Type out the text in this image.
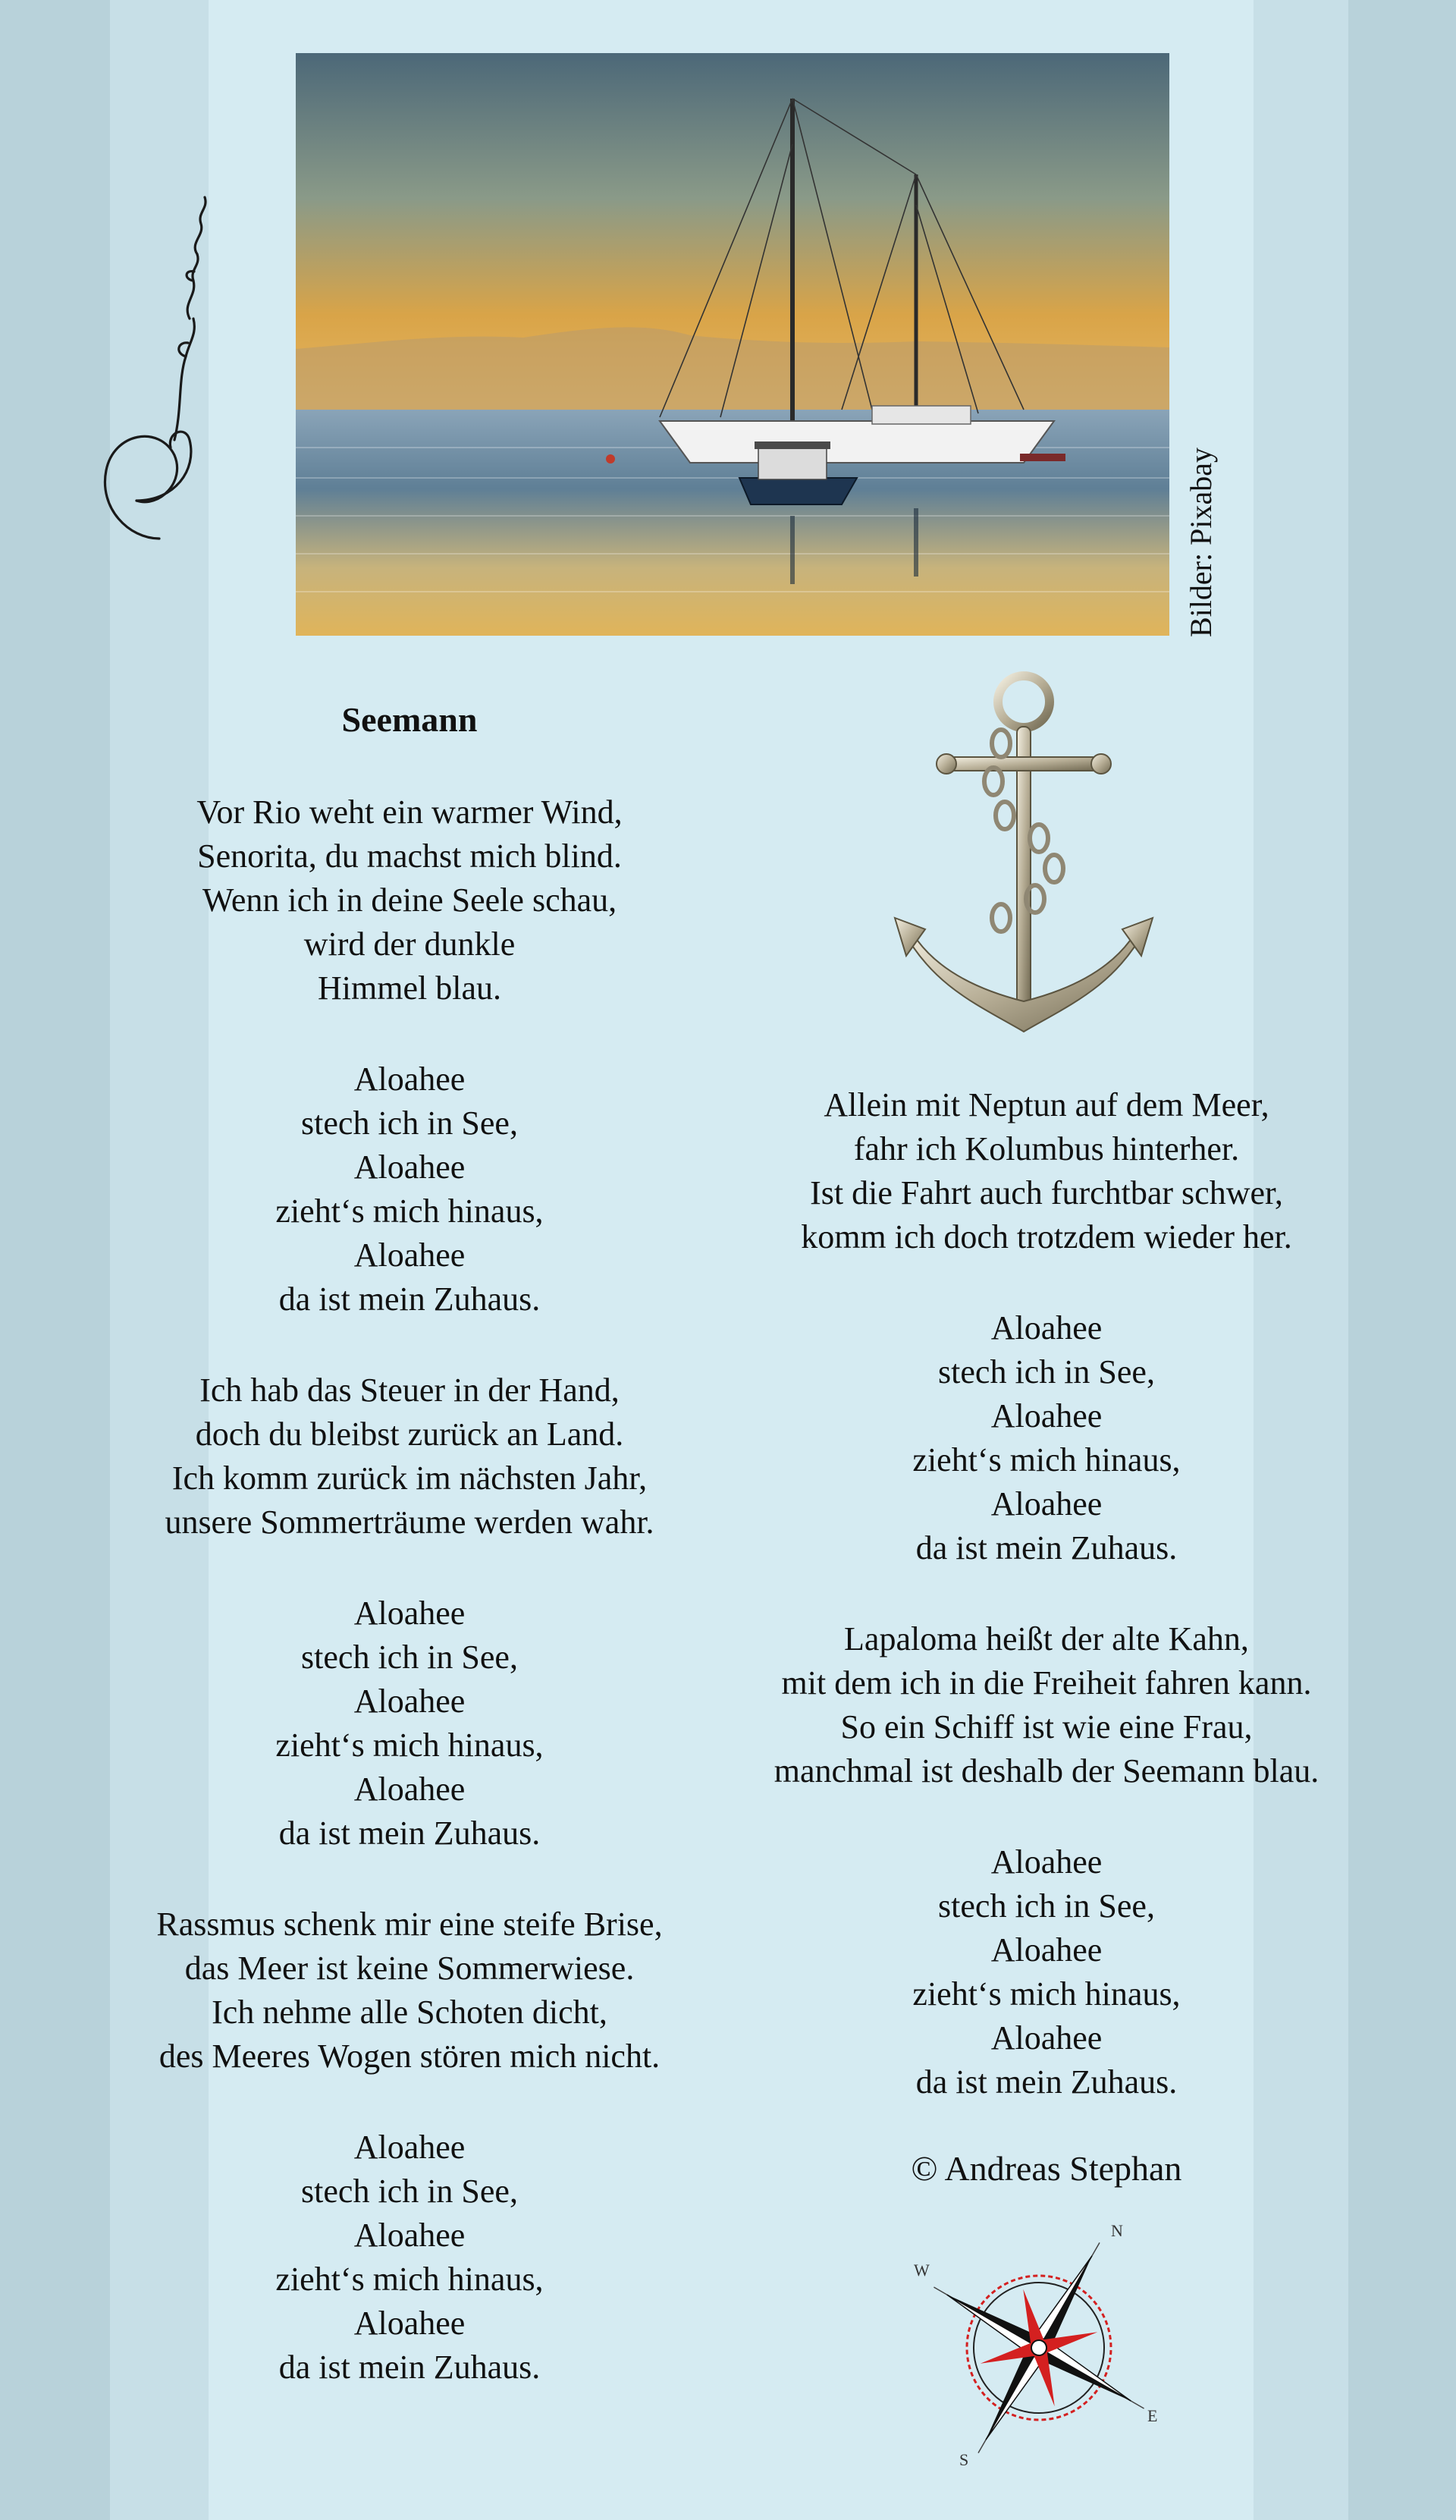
Bilder: Pixabay
Seemann
Vor Rio weht ein warmer Wind,
Senorita, du machst mich blind.
Wenn ich in deine Seele schau,
wird der dunkle
Himmel blau.
Aloahee
stech ich in See,
Aloahee
zieht‘s mich hinaus,
Aloahee
da ist mein Zuhaus.
Ich hab das Steuer in der Hand,
doch du bleibst zurück an Land.
Ich komm zurück im nächsten Jahr,
unsere Sommerträume werden wahr.
Aloahee
stech ich in See,
Aloahee
zieht‘s mich hinaus,
Aloahee
da ist mein Zuhaus.
Rassmus schenk mir eine steife Brise,
das Meer ist keine Sommerwiese.
Ich nehme alle Schoten dicht,
des Meeres Wogen stören mich nicht.
Aloahee
stech ich in See,
Aloahee
zieht‘s mich hinaus,
Aloahee
da ist mein Zuhaus.
Allein mit Neptun auf dem Meer,
fahr ich Kolumbus hinterher.
Ist die Fahrt auch furchtbar schwer,
komm ich doch trotzdem wieder her.
Aloahee
stech ich in See,
Aloahee
zieht‘s mich hinaus,
Aloahee
da ist mein Zuhaus.
Lapaloma heißt der alte Kahn,
mit dem ich in die Freiheit fahren kann.
So ein Schiff ist wie eine Frau,
manchmal ist deshalb der Seemann blau.
Aloahee
stech ich in See,
Aloahee
zieht‘s mich hinaus,
Aloahee
da ist mein Zuhaus.
© Andreas Stephan
N
E
S
W
